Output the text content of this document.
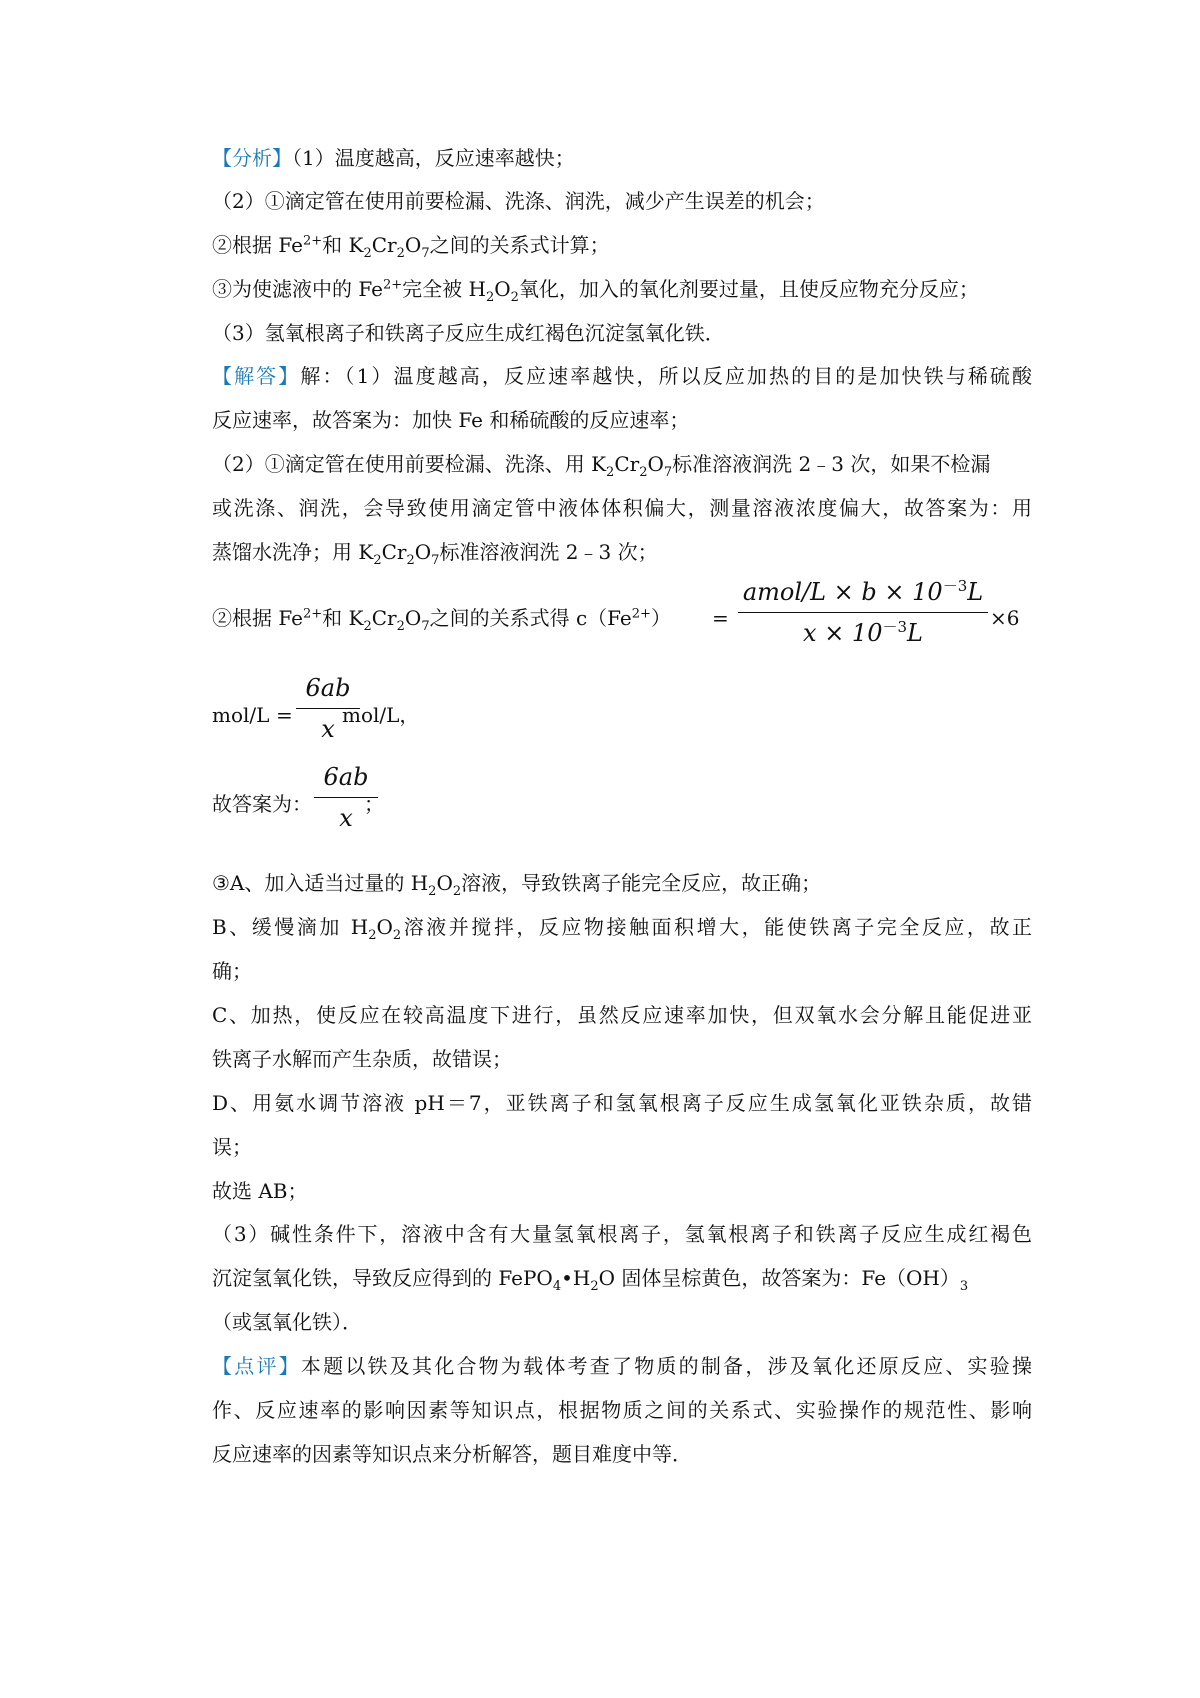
【分析】（1）温度越高，反应速率越快；
（2）①滴定管在使用前要检漏、洗涤、润洗，减少产生误差的机会；
②根据 $Fe^{2+}$和 $K_2Cr_2O_7$之间的关系式计算；
③为使滤液中的 $Fe^{2+}$完全被 $H_2O_2$氧化，加入的氧化剂要过量，且使反应物充分反应；
（3）氢氧根离子和铁离子反应生成红褐色沉淀氢氧化铁．
【解答】解：（1）温度越高，反应速率越快，所以反应加热的目的是加快铁与稀硫酸
反应速率，故答案为：加快 Fe 和稀硫酸的反应速率；
（2）①滴定管在使用前要检漏、洗涤、用 $K_2Cr_2O_7$标准溶液润洗 2﹣3 次，如果不检漏
或洗涤、润洗，会导致使用滴定管中液体体积偏大，测量溶液浓度偏大，故答案为：用
蒸馏水洗净；用 $K_2Cr_2O_7$标准溶液润洗 2﹣3 次；
②根据 $Fe^{2+}$和 $K_2Cr_2O_7$之间的关系式得 $c(Fe^{2+})$ =
amol/L × $b \times 10^{-3}L$
$x \times 10^{-3}L$
×6
mol/L =
6ab
x mol/L，
故答案为：
6ab
x ；
③A、加入适当过量的 $H_2O_2$溶液，导致铁离子能完全反应，故正确；
B、缓慢滴加 $H_2O_2$溶液并搅拌，反应物接触面积增大，能使铁离子完全反应，故正
确；
C、加热，使反应在较高温度下进行，虽然反应速率加快，但双氧水会分解且能促进亚
铁离子水解而产生杂质，故错误；
D、用氨水调节溶液 pH＝7，亚铁离子和氢氧根离子反应生成氢氧化亚铁杂质，故错
误；
故选 AB；
（3）碱性条件下，溶液中含有大量氢氧根离子，氢氧根离子和铁离子反应生成红褐色
沉淀氢氧化铁，导致反应得到的 $FePO_4•H_2O$ 固体呈棕黄色，故答案为：$Fe(OH)_3$
（或氢氧化铁）．
【点评】本题以铁及其化合物为载体考查了物质的制备，涉及氧化还原反应、实验操
作、反应速率的影响因素等知识点，根据物质之间的关系式、实验操作的规范性、影响
反应速率的因素等知识点来分析解答，题目难度中等．
